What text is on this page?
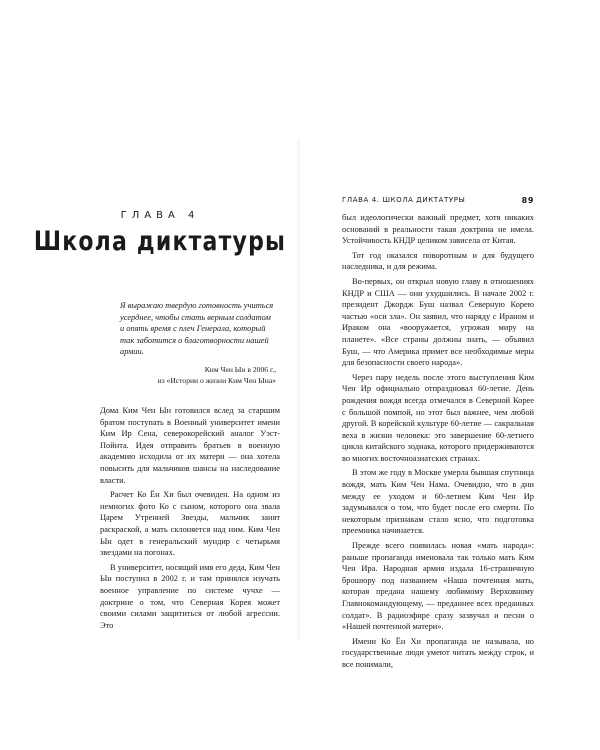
ГЛАВА 4
Школа диктатуры

Я выражаю твердую готовность учиться усерднее, чтобы стать верным солдатом и опять время с плеч Генерала, который так заботится о благотворности нашей армии.

Ким Чен Ын в 2006 г.,
из «Истории о жизни Ким Чен Ына»

Дома Ким Чен Ын готовился вслед за старшим братом поступать в Военный университет имени Ким Ир Сена, северокорейский аналог Уэст-Пойнта. Идея отправить братьев в военную академию исходила от их матери — она хотела повысить для мальчиков шансы на наследование власти.

Расчет Ко Ён Хи был очевиден. На одном из немногих фото Ко с сыном, которого она звала Царем Утренней Звезды, мальчик занят раскраской, а мать склоняется над ним. Ким Чен Ын одет в генеральский мундир с четырьмя звездами на погонах.

В университет, носящий имя его деда, Ким Чен Ын поступил в 2002 г. и там принялся изучать военное управление по системе чучхе — доктрине о том, что Северная Корея может своими силами защититься от любой агрессии. Это

ГЛАВА 4. ШКОЛА ДИКТАТУРЫ	89

был идеологически важный предмет, хотя никаких оснований в реальности такая доктрина не имела. Устойчивость КНДР целиком зависела от Китая.

Тот год оказался поворотным и для будущего наследника, и для режима.

Во-первых, он открыл новую главу в отношениях КНДР и США — они ухудшились. В начале 2002 г. президент Джордж Буш назвал Северную Корею частью «оси зла». Он заявил, что наряду с Ираном и Ираком она «вооружается, угрожая миру на планете». «Все страны должны знать, — объявил Буш, — что Америка примет все необходимые меры для безопасности своего народа».

Через пару недель после этого выступления Ким Чен Ир официально отпраздновал 60-летие. День рождения вождя всегда отмечался в Северной Корее с большой помпой, но этот был важнее, чем любой другой. В корейской культуре 60-летие — сакральная веха в жизни человека: это завершение 60-летнего цикла китайского зодиака, которого придерживаются во многих восточноазиатских странах.

В этом же году в Москве умерла бывшая спутница вождя, мать Ким Чен Нама. Очевидно, что в дни между ее уходом и 60-летием Ким Чен Ир задумывался о том, что будет после его смерти. По некоторым признакам стало ясно, что подготовка преемника начинается.

Прежде всего появилась новая «мать народа»: раньше пропаганда именовала так только мать Ким Чен Ира. Народная армия издала 16-страничную брошюру под названием «Наша почтенная мать, которая предана нашему любимому Верховному Главнокомандующему, — преданнее всех преданных солдат». В радиоэфире сразу зазвучал и песни о «Нашей почтенной матери».

Имени Ко Ён Хи пропаганда не называла, но государственные люди умеют читать между строк, и все понимали,
